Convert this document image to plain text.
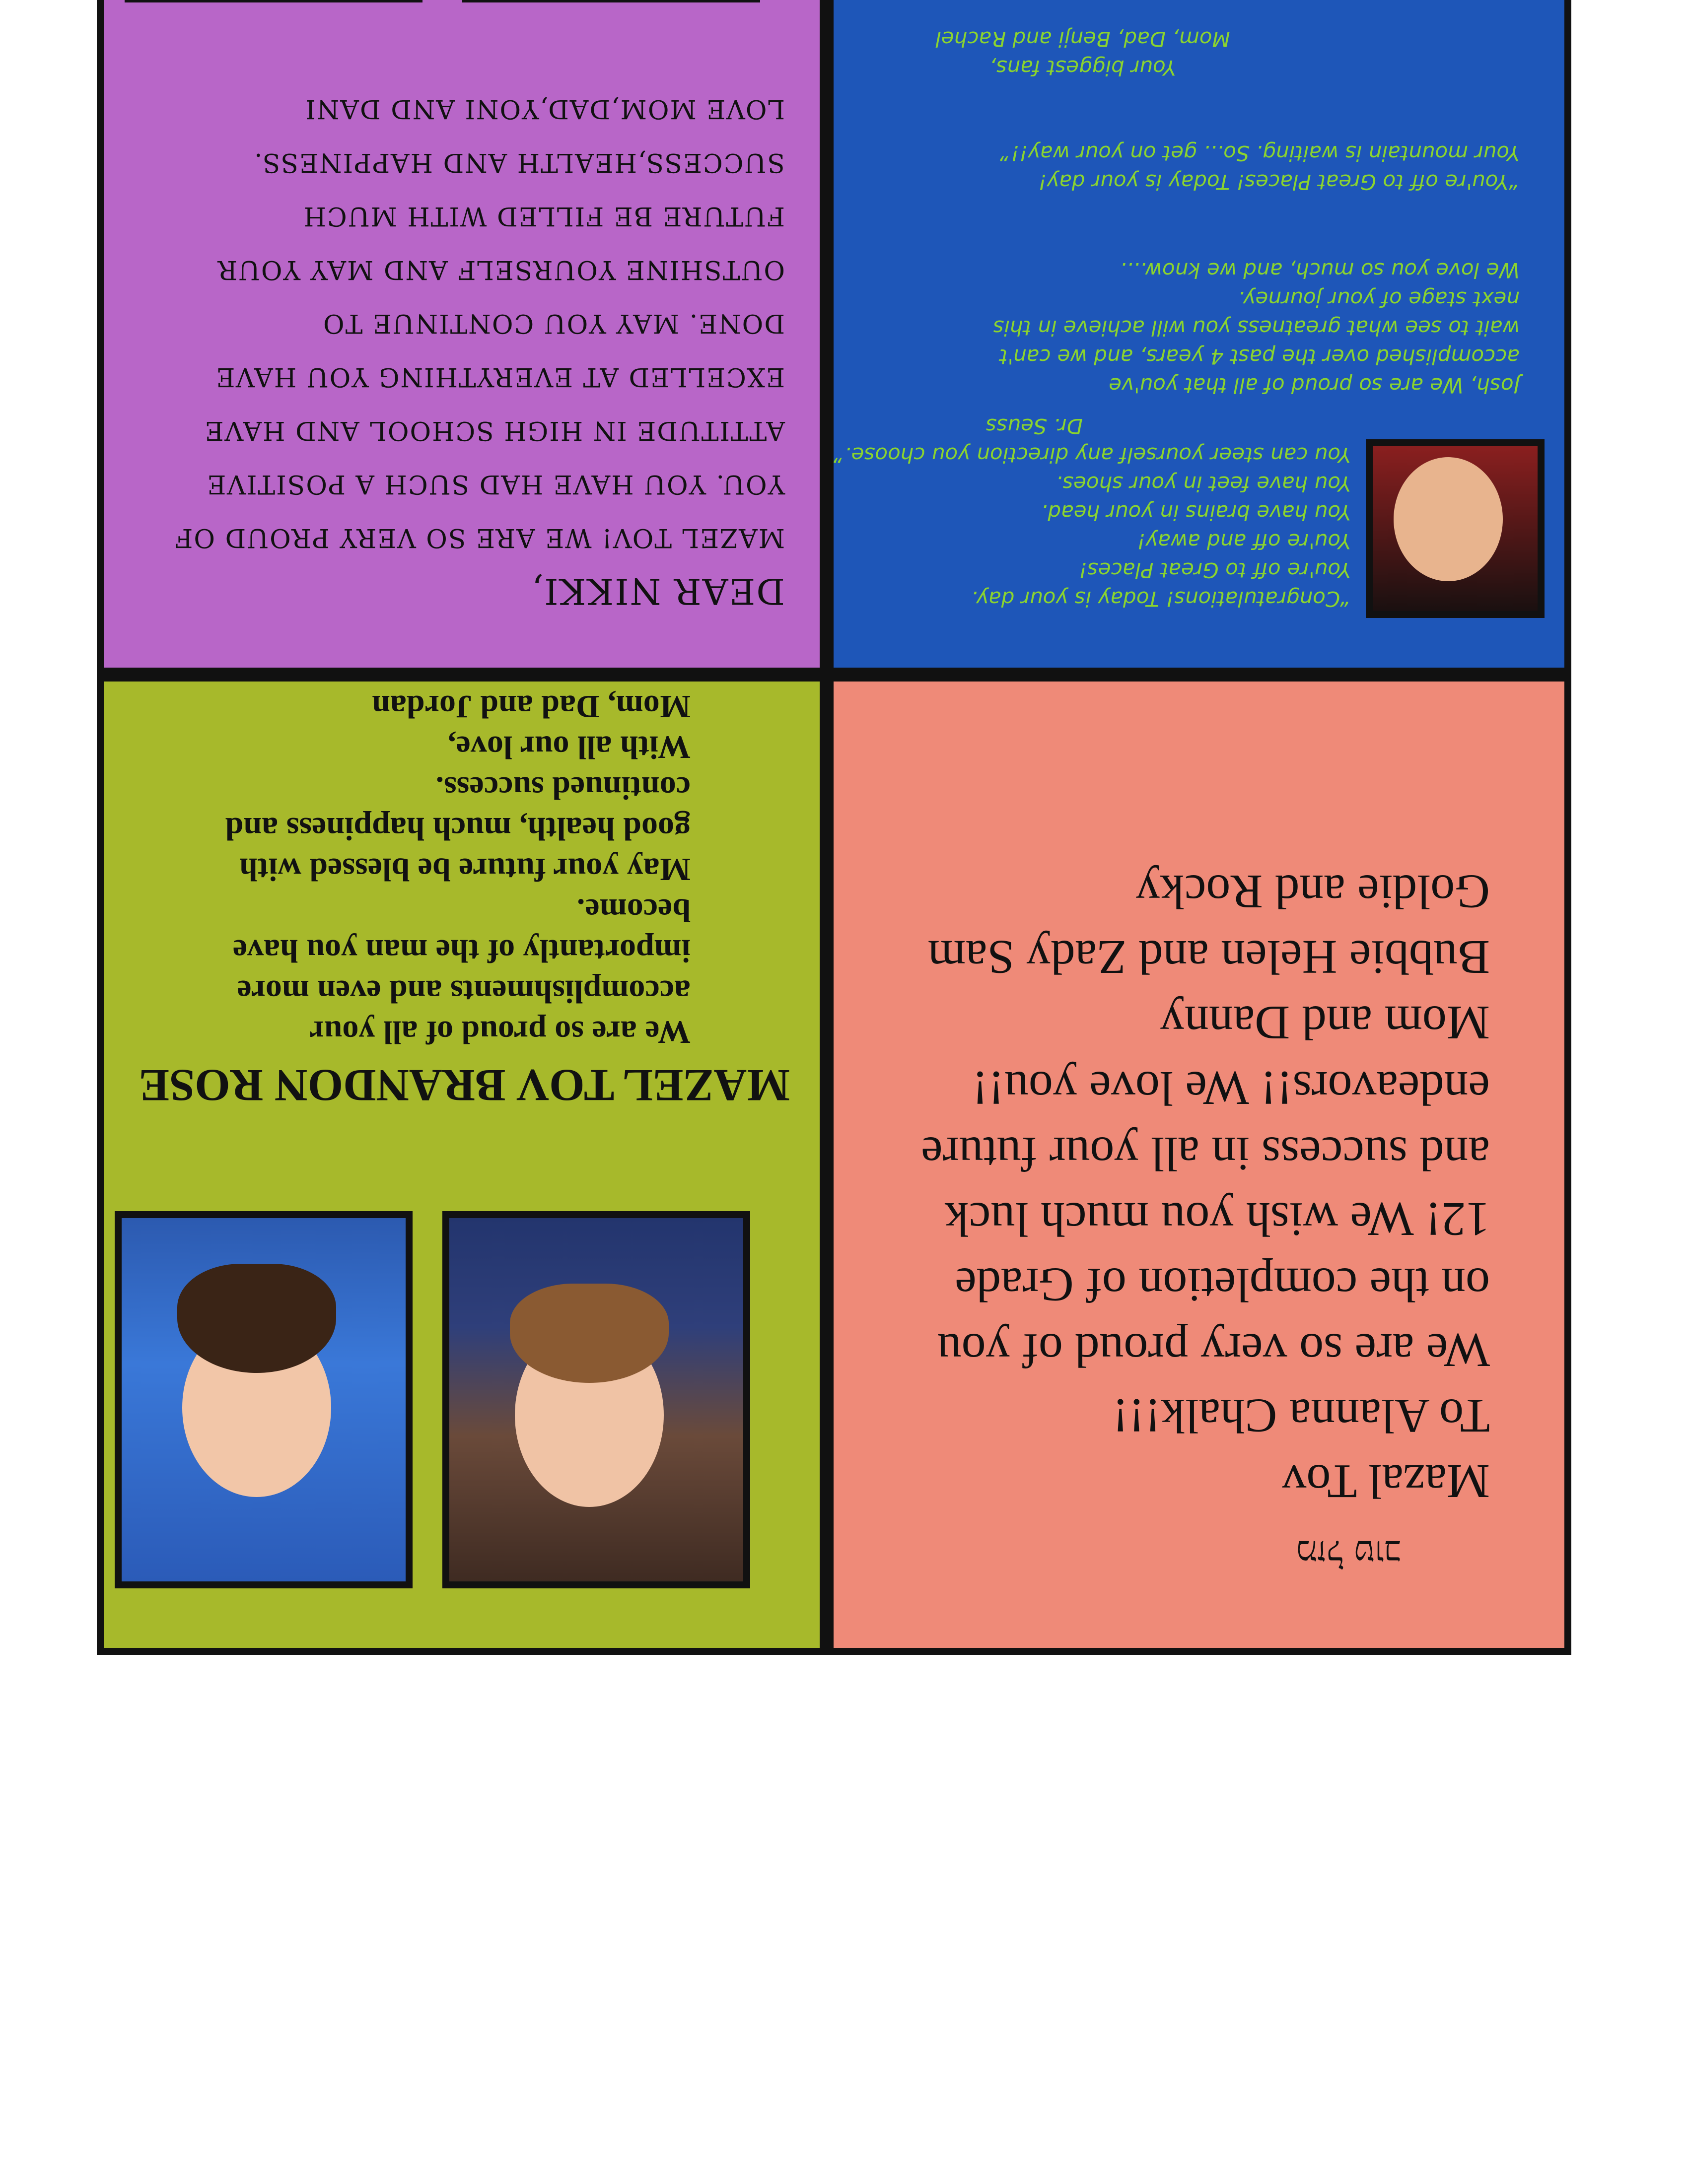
מזל טוב
Mazal Tov
To Alanna Chalk!!!
We are so very proud of you
on the completion of Grade
12! We wish you much luck
and success in all your future
endeavors!! We love you!!
Mom and Danny
Bubbie Helen and Zady Sam
Goldie and Rocky
MAZEL TOV BRANDON ROSE
We are so proud of all your
accomplishments and even more
importantly of the man you have
become.
May your future be blessed with
good health, much happiness and
continued success.
With all our love,
Mom, Dad and Jordan
“Congratulations! Today is your day.
You're off to Great Places!
You're off and away!
You have brains in your head.
You have feet in your shoes.
You can steer yourself any direction you choose.”
Dr. Seuss
Josh, We are so proud of all that you've
accomplished over the past 4 years, and we can't
wait to see what greatness you will achieve in this
next stage of your journey.
We love you so much, and we know....
“You're off to Great Places! Today is your day!
Your mountain is waiting. So... get on your way!!”
Your biggest fans,
Mom, Dad, Benji and Rachel
DEAR NIKKI,
MAZEL TOV! WE ARE SO VERY PROUD OF
YOU. YOU HAVE HAD SUCH A POSITIVE
ATTITUDE IN HIGH SCHOOL AND HAVE
EXCELLED AT EVERYTHING YOU HAVE
DONE. MAY YOU CONTINUE TO
OUTSHINE YOURSELF AND MAY YOUR
FUTURE BE FILLED WITH MUCH
SUCCESS,HEALTH AND HAPPINESS.
LOVE MOM,DAD,YONI AND DANI
